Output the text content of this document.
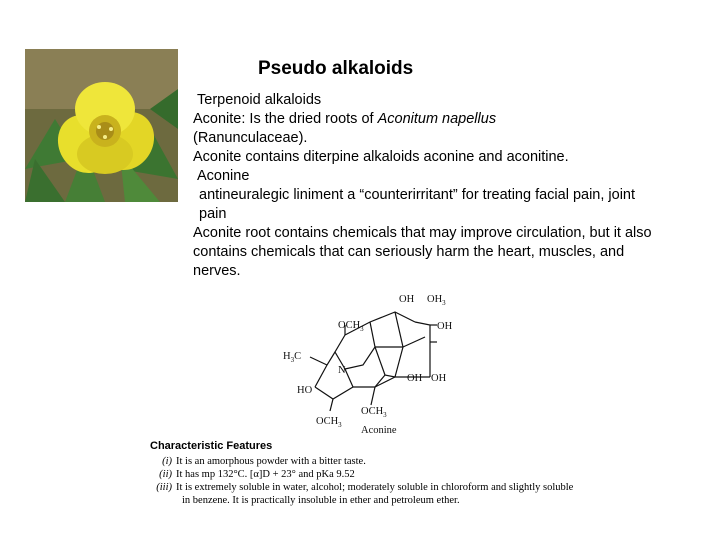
Pseudo alkaloids
Terpenoid alkaloids
Aconite: Is the dried roots of Aconitum napellus
(Ranunculaceae).
Aconite contains diterpine alkaloids aconine and aconitine.
Aconine
antineuralegic liniment a “counterirritant” for treating facial pain, joint pain
Aconite root contains chemicals that may improve circulation, but it also contains chemicals that can seriously harm the heart, muscles, and nerves.
OH $OH_3$
$OCH_3$	OH
$H_3C$
N
HO
OH OH
$OCH_3$
$OCH_3$ Aconine
Characteristic Features
(i) It is an amorphous powder with a bitter taste.
(ii) It has mp 132°C. [α]D + 23° and pKa 9.52
(iii) It is extremely soluble in water, alcohol; moderately soluble in chloroform and slightly soluble
in benzene. It is practically insoluble in ether and petroleum ether.
